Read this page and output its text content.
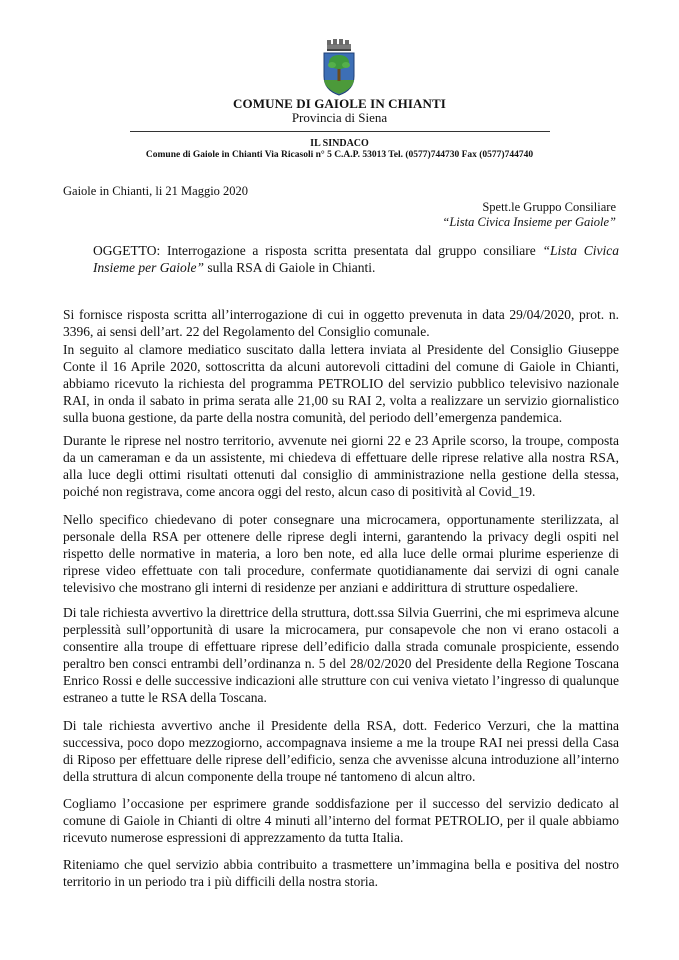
COMUNE DI GAIOLE IN CHIANTI
Provincia di Siena
IL SINDACO
Comune di Gaiole in Chianti Via Ricasoli n° 5 C.A.P. 53013 Tel. (0577)744730 Fax (0577)744740
Gaiole in Chianti, li 21 Maggio 2020
Spett.le Gruppo Consiliare
“Lista Civica Insieme per Gaiole”
OGGETTO: Interrogazione a risposta scritta presentata dal gruppo consiliare “Lista Civica Insieme per Gaiole” sulla RSA di Gaiole in Chianti.

Si fornisce risposta scritta all’interrogazione di cui in oggetto prevenuta in data 29/04/2020, prot. n. 3396, ai sensi dell’art. 22 del Regolamento del Consiglio comunale.

In seguito al clamore mediatico suscitato dalla lettera inviata al Presidente del Consiglio Giuseppe Conte il 16 Aprile 2020, sottoscritta da alcuni autorevoli cittadini del comune di Gaiole in Chianti, abbiamo ricevuto la richiesta del programma PETROLIO del servizio pubblico televisivo nazionale RAI, in onda il sabato in prima serata alle 21,00 su RAI 2, volta a realizzare un servizio giornalistico sulla buona gestione, da parte della nostra comunità, del periodo dell’emergenza pandemica.

Durante le riprese nel nostro territorio, avvenute nei giorni 22 e 23 Aprile scorso, la troupe, composta da un cameraman e da un assistente, mi chiedeva di effettuare delle riprese relative alla nostra RSA, alla luce degli ottimi risultati ottenuti dal consiglio di amministrazione nella gestione della stessa, poiché non registrava, come ancora oggi del resto, alcun caso di positività al Covid_19.

Nello specifico chiedevano di poter consegnare una microcamera, opportunamente sterilizzata, al personale della RSA per ottenere delle riprese degli interni, garantendo la privacy degli ospiti nel rispetto delle normative in materia, a loro ben note, ed alla luce delle ormai plurime esperienze di riprese video effettuate con tali procedure, confermate quotidianamente dai servizi di ogni canale televisivo che mostrano gli interni di residenze per anziani e addirittura di strutture ospedaliere.

Di tale richiesta avvertivo la direttrice della struttura, dott.ssa Silvia Guerrini, che mi esprimeva alcune perplessità sull’opportunità di usare la microcamera, pur consapevole che non vi erano ostacoli a consentire alla troupe di effettuare riprese dell’edificio dalla strada comunale prospiciente, essendo peraltro ben consci entrambi dell’ordinanza n. 5 del 28/02/2020 del Presidente della Regione Toscana Enrico Rossi e delle successive indicazioni alle strutture con cui veniva vietato l’ingresso di qualunque estraneo a tutte le RSA della Toscana.

Di tale richiesta avvertivo anche il Presidente della RSA, dott. Federico Verzuri, che la mattina successiva, poco dopo mezzogiorno, accompagnava insieme a me la troupe RAI nei pressi della Casa di Riposo per effettuare delle riprese dell’edificio, senza che avvenisse alcuna introduzione all’interno della struttura di alcun componente della troupe né tantomeno di alcun altro.

Cogliamo l’occasione per esprimere grande soddisfazione per il successo del servizio dedicato al comune di Gaiole in Chianti di oltre 4 minuti all’interno del format PETROLIO, per il quale abbiamo ricevuto numerose espressioni di apprezzamento da tutta Italia.

Riteniamo che quel servizio abbia contribuito a trasmettere un’immagina bella e positiva del nostro territorio in un periodo tra i più difficili della nostra storia.
